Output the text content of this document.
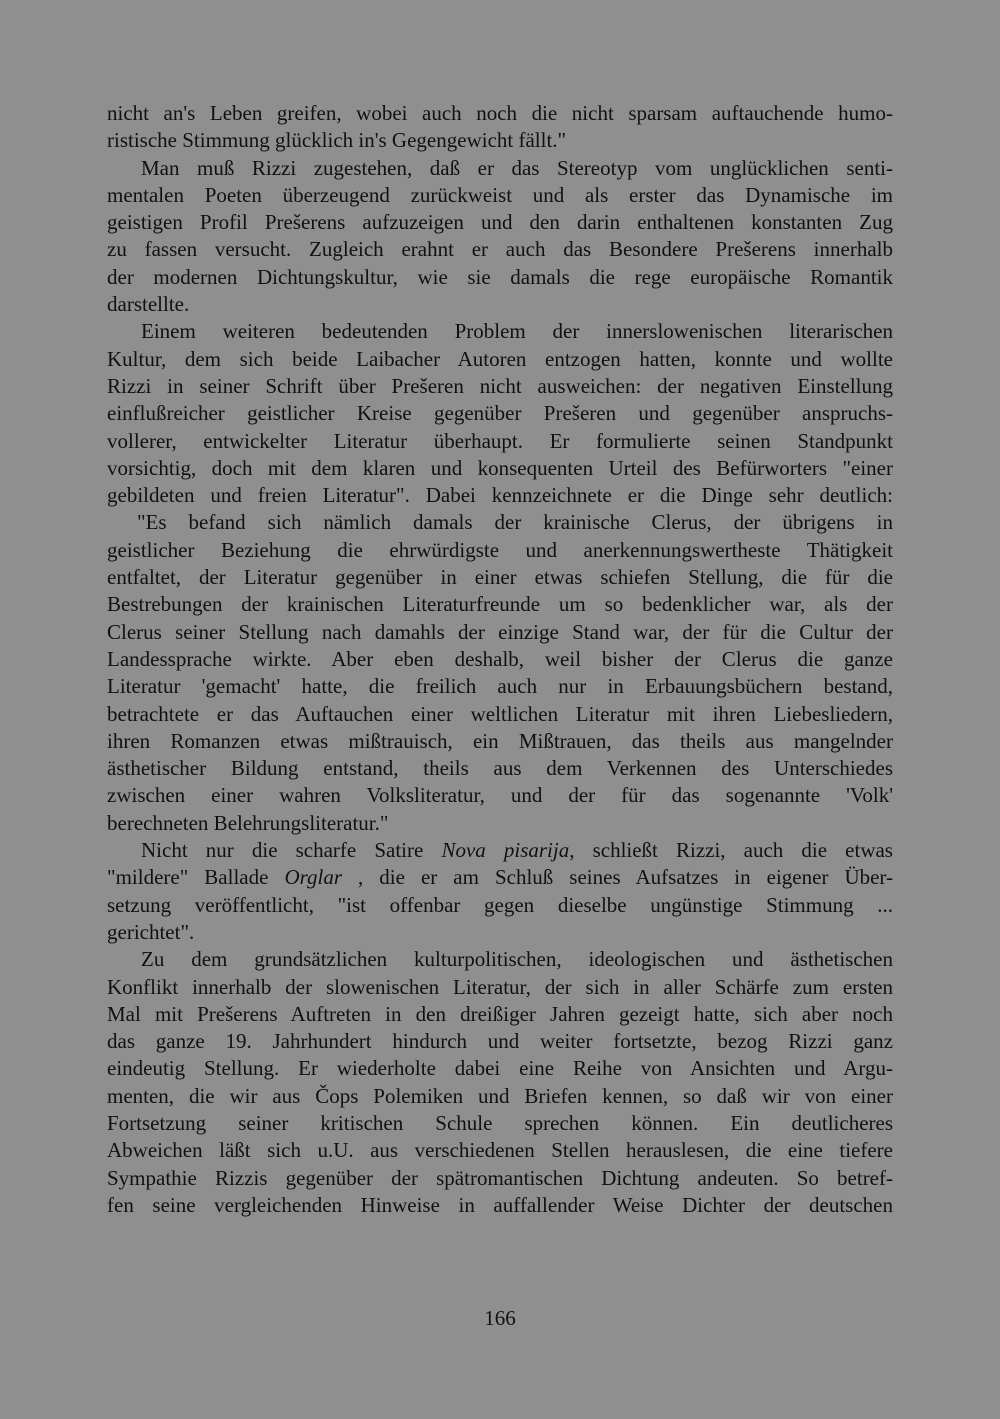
nicht an's Leben greifen, wobei auch noch die nicht sparsam auftauchende humo-
ristische Stimmung glücklich in's Gegengewicht fällt."
Man muß Rizzi zugestehen, daß er das Stereotyp vom unglücklichen senti-
mentalen Poeten überzeugend zurückweist und als erster das Dynamische im
geistigen Profil Prešerens aufzuzeigen und den darin enthaltenen konstanten Zug
zu fassen versucht. Zugleich erahnt er auch das Besondere Prešerens innerhalb
der modernen Dichtungskultur, wie sie damals die rege europäische Romantik
darstellte.
Einem weiteren bedeutenden Problem der innerslowenischen literarischen
Kultur, dem sich beide Laibacher Autoren entzogen hatten, konnte und wollte
Rizzi in seiner Schrift über Prešeren nicht ausweichen: der negativen Einstellung
einflußreicher geistlicher Kreise gegenüber Prešeren und gegenüber anspruchs-
vollerer, entwickelter Literatur überhaupt. Er formulierte seinen Standpunkt
vorsichtig, doch mit dem klaren und konsequenten Urteil des Befürworters "einer
gebildeten und freien Literatur". Dabei kennzeichnete er die Dinge sehr deutlich:
"Es befand sich nämlich damals der krainische Clerus, der übrigens in
geistlicher Beziehung die ehrwürdigste und anerkennungswertheste Thätigkeit
entfaltet, der Literatur gegenüber in einer etwas schiefen Stellung, die für die
Bestrebungen der krainischen Literaturfreunde um so bedenklicher war, als der
Clerus seiner Stellung nach damahls der einzige Stand war, der für die Cultur der
Landessprache wirkte. Aber eben deshalb, weil bisher der Clerus die ganze
Literatur 'gemacht' hatte, die freilich auch nur in Erbauungsbüchern bestand,
betrachtete er das Auftauchen einer weltlichen Literatur mit ihren Liebesliedern,
ihren Romanzen etwas mißtrauisch, ein Mißtrauen, das theils aus mangelnder
ästhetischer Bildung entstand, theils aus dem Verkennen des Unterschiedes
zwischen einer wahren Volksliteratur, und der für das sogenannte 'Volk'
berechneten Belehrungsliteratur."
Nicht nur die scharfe Satire Nova pisarija, schließt Rizzi, auch die etwas
"mildere" Ballade Orglar , die er am Schluß seines Aufsatzes in eigener Über-
setzung veröffentlicht, "ist offenbar gegen dieselbe ungünstige Stimmung ...
gerichtet".
Zu dem grundsätzlichen kulturpolitischen, ideologischen und ästhetischen
Konflikt innerhalb der slowenischen Literatur, der sich in aller Schärfe zum ersten
Mal mit Prešerens Auftreten in den dreißiger Jahren gezeigt hatte, sich aber noch
das ganze 19. Jahrhundert hindurch und weiter fortsetzte, bezog Rizzi ganz
eindeutig Stellung. Er wiederholte dabei eine Reihe von Ansichten und Argu-
menten, die wir aus Čops Polemiken und Briefen kennen, so daß wir von einer
Fortsetzung seiner kritischen Schule sprechen können. Ein deutlicheres
Abweichen läßt sich u.U. aus verschiedenen Stellen herauslesen, die eine tiefere
Sympathie Rizzis gegenüber der spätromantischen Dichtung andeuten. So betref-
fen seine vergleichenden Hinweise in auffallender Weise Dichter der deutschen
166
